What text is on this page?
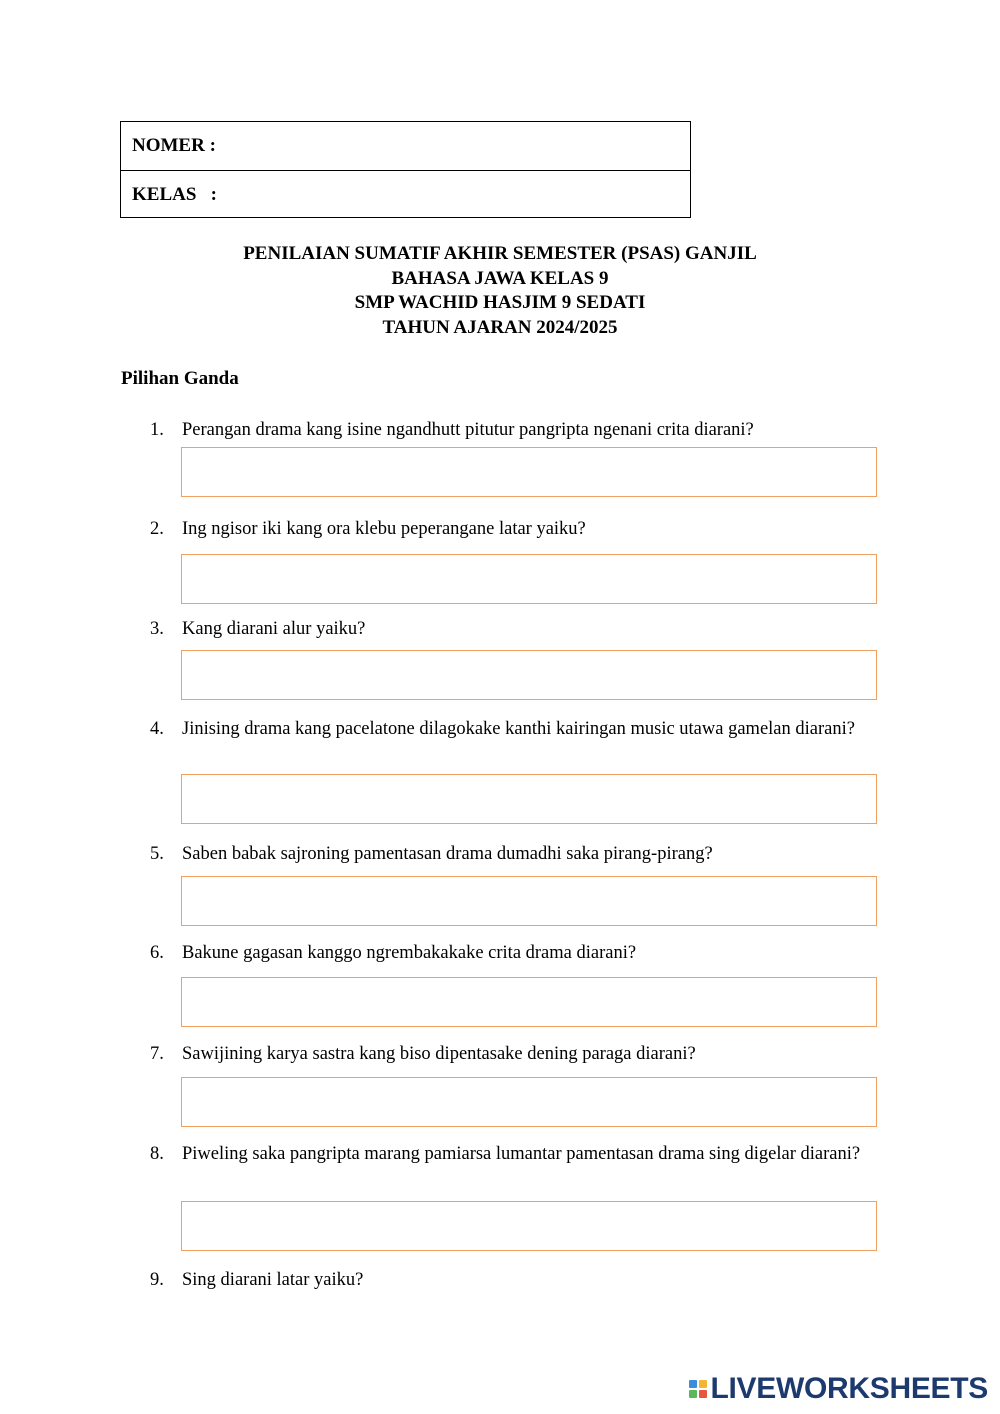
NOMER :
KELAS   :
PENILAIAN SUMATIF AKHIR SEMESTER (PSAS) GANJIL
BAHASA JAWA KELAS 9
SMP WACHID HASJIM 9 SEDATI
TAHUN AJARAN 2024/2025
Pilihan Ganda
1. Perangan drama kang isine ngandhutt pitutur pangripta ngenani crita diarani?
2. Ing ngisor iki kang ora klebu peperangane latar yaiku?
3. Kang diarani alur yaiku?
4. Jinising drama kang pacelatone dilagokake kanthi kairingan music utawa gamelan diarani?
5. Saben babak sajroning pamentasan drama dumadhi saka pirang-pirang?
6. Bakune gagasan kanggo ngrembakakake crita drama diarani?
7. Sawijining karya sastra kang biso dipentasake dening paraga diarani?
8. Piweling saka pangripta marang pamiarsa lumantar pamentasan drama sing digelar diarani?
9. Sing diarani latar yaiku?
LIVEWORKSHEETS
